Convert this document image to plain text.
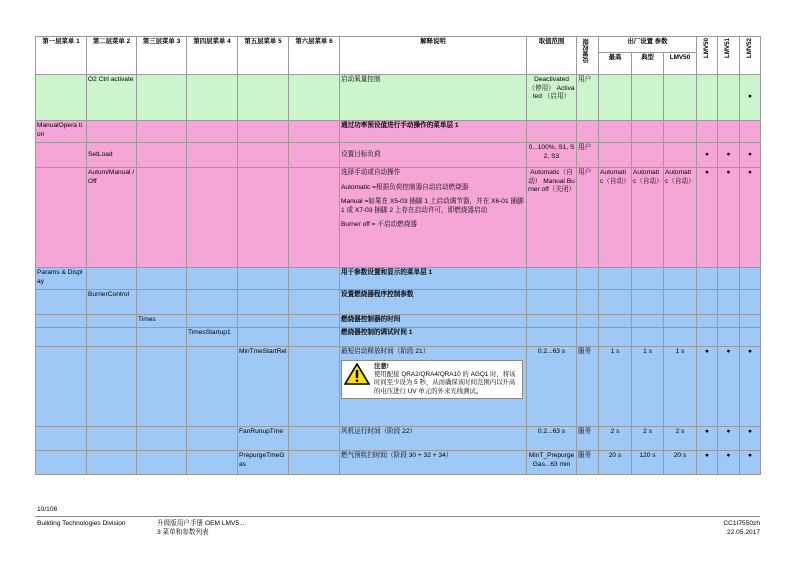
第一层菜单 1	第二层菜单 2	第三层菜单 3	第四层菜单 4	第五层菜单 5	第六层菜单 6	解释说明	取值范围	设置权限	出厂设置 参数			LMV50	LMV51	LMV52
									最高	典型	LMV50			
	O2 Ctrl activate					启动氧量控制	Deactivated （停用） Activated （启用）	用户						●
ManualOpera tion						通过功率预设值进行手动操作的菜单层 1								
	SetLoad					设置目标负荷	0...100%, S1, S2, S3	用户				●	●	●
	Autom/Manual /Off					选择手动或自动操作
Automatic =根据负荷控制器自动启动燃烧器
Manual =如果在 X5-03 插脚 1 上启动调节器，并在 X6-01 插脚 1 或 X7-03 插脚 2 上存在启动许可，即燃烧器启动
Burner off = 不启动燃烧器	Automatic（自动） Manual Burner off（关闭）	用户	Automati c（自动）	Automati c（自动）	Automati c（自动）	●	●	●
Params & Display						用于参数设置和显示的菜单层 1								
	BurnerControl					设置燃烧器程序控制参数								
		Times				燃烧器控制器的时间								
			TimesStartup1			燃烧器控制的调试时间 1								
				MinTmeStartRel		最短启动释放时间（阶段 21）
注意!
使用配接 QRA2/QRA4/QRA10 的 AGQ1 时，将该时间至少设为 5 秒，从而确保该时间范围内以升高的电压进行 UV 单元的外来光线测试。	0.2...63 s	服务	1 s	1 s	1 s	●	●	●
				FanRunupTme		风机运行时间（阶段 22）	0.2...63 s	服务	2 s	2 s	2 s	●	●	●
				PrepurgeTmeGas		燃气预吹扫时间（阶段 30 + 32 + 34）	MinT_Prepurge Gas...63 min	服务	20 s	120 s	20 s	●	●	●
10/108
Building Technologies Division	升级版用户手册 OEM LMV5...
3 菜单和参数列表
CC1I7550zh
22.05.2017
